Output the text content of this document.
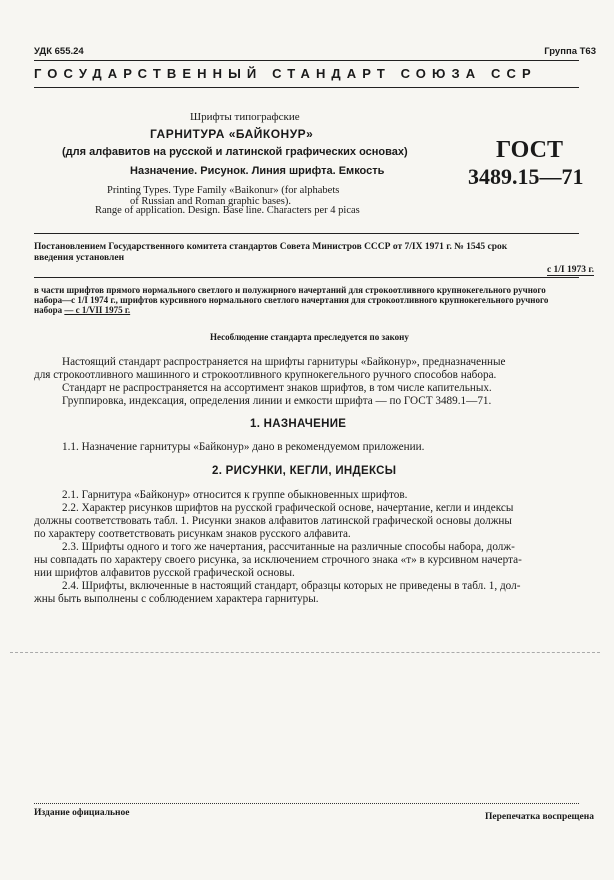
УДК 655.24	Группа Т63
ГОСУДАРСТВЕННЫЙ СТАНДАРТ СОЮЗА ССР
Шрифты типографские
ГАРНИТУРА «БАЙКОНУР»
(для алфавитов на русской и латинской графических основах)
Назначение. Рисунок. Линия шрифта. Емкость
Printing Types. Type Family «Baikonur» (for alphabets
of Russian and Roman graphic bases).
Range of application. Design. Base line. Characters per 4 picas
ГОСТ
3489.15—71
Постановлением Государственного комитета стандартов Совета Министров СССР от 7/IX 1971 г. № 1545 срок
введения установлен
с 1/I 1973 г.
в части шрифтов прямого нормального светлого и полужирного начертаний для строкоотливного крупнокегельного ручного
набора—с 1/I 1974 г., шрифтов курсивного нормального светлого начертания для строкоотливного крупнокегельного ручного
набора — с 1/VII 1975 г.
Несоблюдение стандарта преследуется по закону
Настоящий стандарт распространяется на шрифты гарнитуры «Байконур», предназначенные
для строкоотливного машинного и строкоотливного крупнокегельного ручного способов набора.
Стандарт не распространяется на ассортимент знаков шрифтов, в том числе капительных.
Группировка, индексация, определения линии и емкости шрифта — по ГОСТ 3489.1—71.
1. НАЗНАЧЕНИЕ
1.1. Назначение гарнитуры «Байконур» дано в рекомендуемом приложении.
2. РИСУНКИ, КЕГЛИ, ИНДЕКСЫ
2.1. Гарнитура «Байконур» относится к группе обыкновенных шрифтов.
2.2. Характер рисунков шрифтов на русской графической основе, начертание, кегли и индексы
должны соответствовать табл. 1. Рисунки знаков алфавитов латинской графической основы должны
по характеру соответствовать рисункам знаков русского алфавита.
2.3. Шрифты одного и того же начертания, рассчитанные на различные способы набора, долж-
ны совпадать по характеру своего рисунка, за исключением строчного знака «т» в курсивном начерта-
нии шрифтов алфавитов русской графической основы.
2.4. Шрифты, включенные в настоящий стандарт, образцы которых не приведены в табл. 1, дол-
жны быть выполнены с соблюдением характера гарнитуры.
Издание официальное	Перепечатка воспрещена
